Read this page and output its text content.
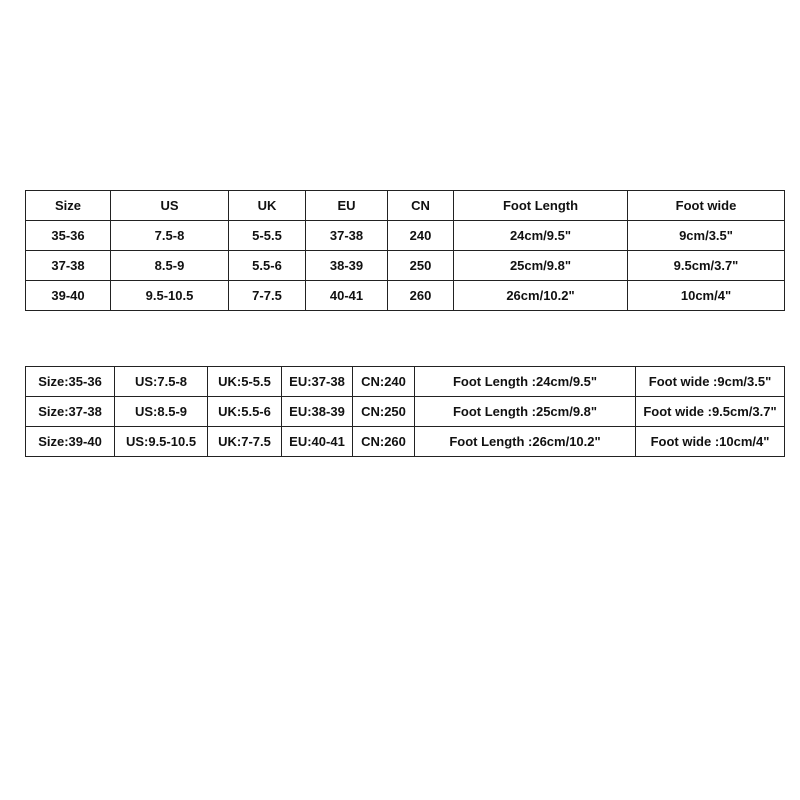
Size	US	UK	EU	CN	Foot Length	Foot wide
35-36	7.5-8	5-5.5	37-38	240	24cm/9.5"	9cm/3.5"
37-38	8.5-9	5.5-6	38-39	250	25cm/9.8"	9.5cm/3.7"
39-40	9.5-10.5	7-7.5	40-41	260	26cm/10.2"	10cm/4"
Size:35-36	US:7.5-8	UK:5-5.5	EU:37-38	CN:240	Foot Length :24cm/9.5"	Foot wide :9cm/3.5"
Size:37-38	US:8.5-9	UK:5.5-6	EU:38-39	CN:250	Foot Length :25cm/9.8"	Foot wide :9.5cm/3.7"
Size:39-40	US:9.5-10.5	UK:7-7.5	EU:40-41	CN:260	Foot Length :26cm/10.2"	Foot wide :10cm/4"
